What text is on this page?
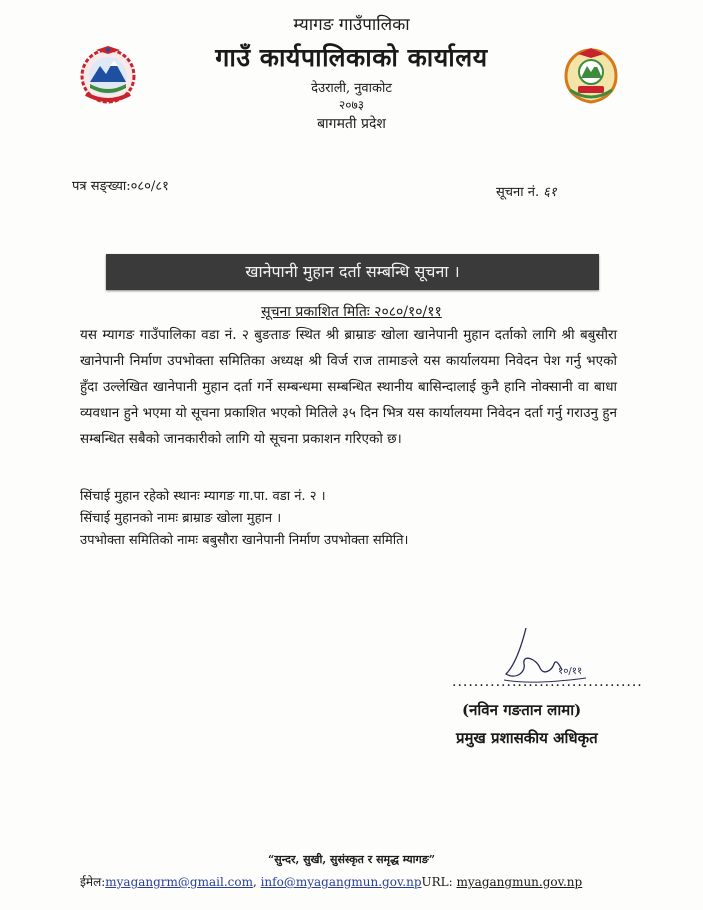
म्यागङ गाउँपालिका
गाउँ कार्यपालिकाको कार्यालय
देउराली, नुवाकोट
२०७३
बागमती प्रदेश
पत्र सङ्ख्या:०८०/८१	सूचना नं. ६१
खानेपानी मुहान दर्ता सम्बन्धि सूचना ।
सूचना प्रकाशित मितिः २०८०/१०/११
यस म्यागङ गाउँपालिका वडा नं. २ बुङताङ स्थित श्री ब्राम्राङ खोला खानेपानी मुहान दर्ताको लागि श्री बबुसौरा खानेपानी निर्माण उपभोक्ता समितिका अध्यक्ष श्री विर्ज राज तामाङले यस कार्यालयमा निवेदन पेश गर्नु भएको हुँदा उल्लेखित खानेपानी मुहान दर्ता गर्ने सम्बन्धमा सम्बन्धित स्थानीय बासिन्दालाई कुनै हानि नोक्सानी वा बाधा व्यवधान हुने भएमा यो सूचना प्रकाशित भएको मितिले ३५ दिन भित्र यस कार्यालयमा निवेदन दर्ता गर्नु गराउनु हुन सम्बन्धित सबैको जानकारीको लागि यो सूचना प्रकाशन गरिएको छ।
सिंचाई मुहान रहेको स्थानः म्यागङ गा.पा. वडा नं. २ ।
सिंचाई मुहानको नामः ब्राम्राङ खोला मुहान ।
उपभोक्ता समितिको नामः बबुसौरा खानेपानी निर्माण उपभोक्ता समिति।
१०/११
...................................
(नविन गङतान लामा)
प्रमुख प्रशासकीय अधिकृत
“सुन्दर, सुखी, सुसंस्कृत र समृद्ध म्यागङ”
ईमेल:myagangrm@gmail.com, info@myagangmun.gov.npURL: myagangmun.gov.np
